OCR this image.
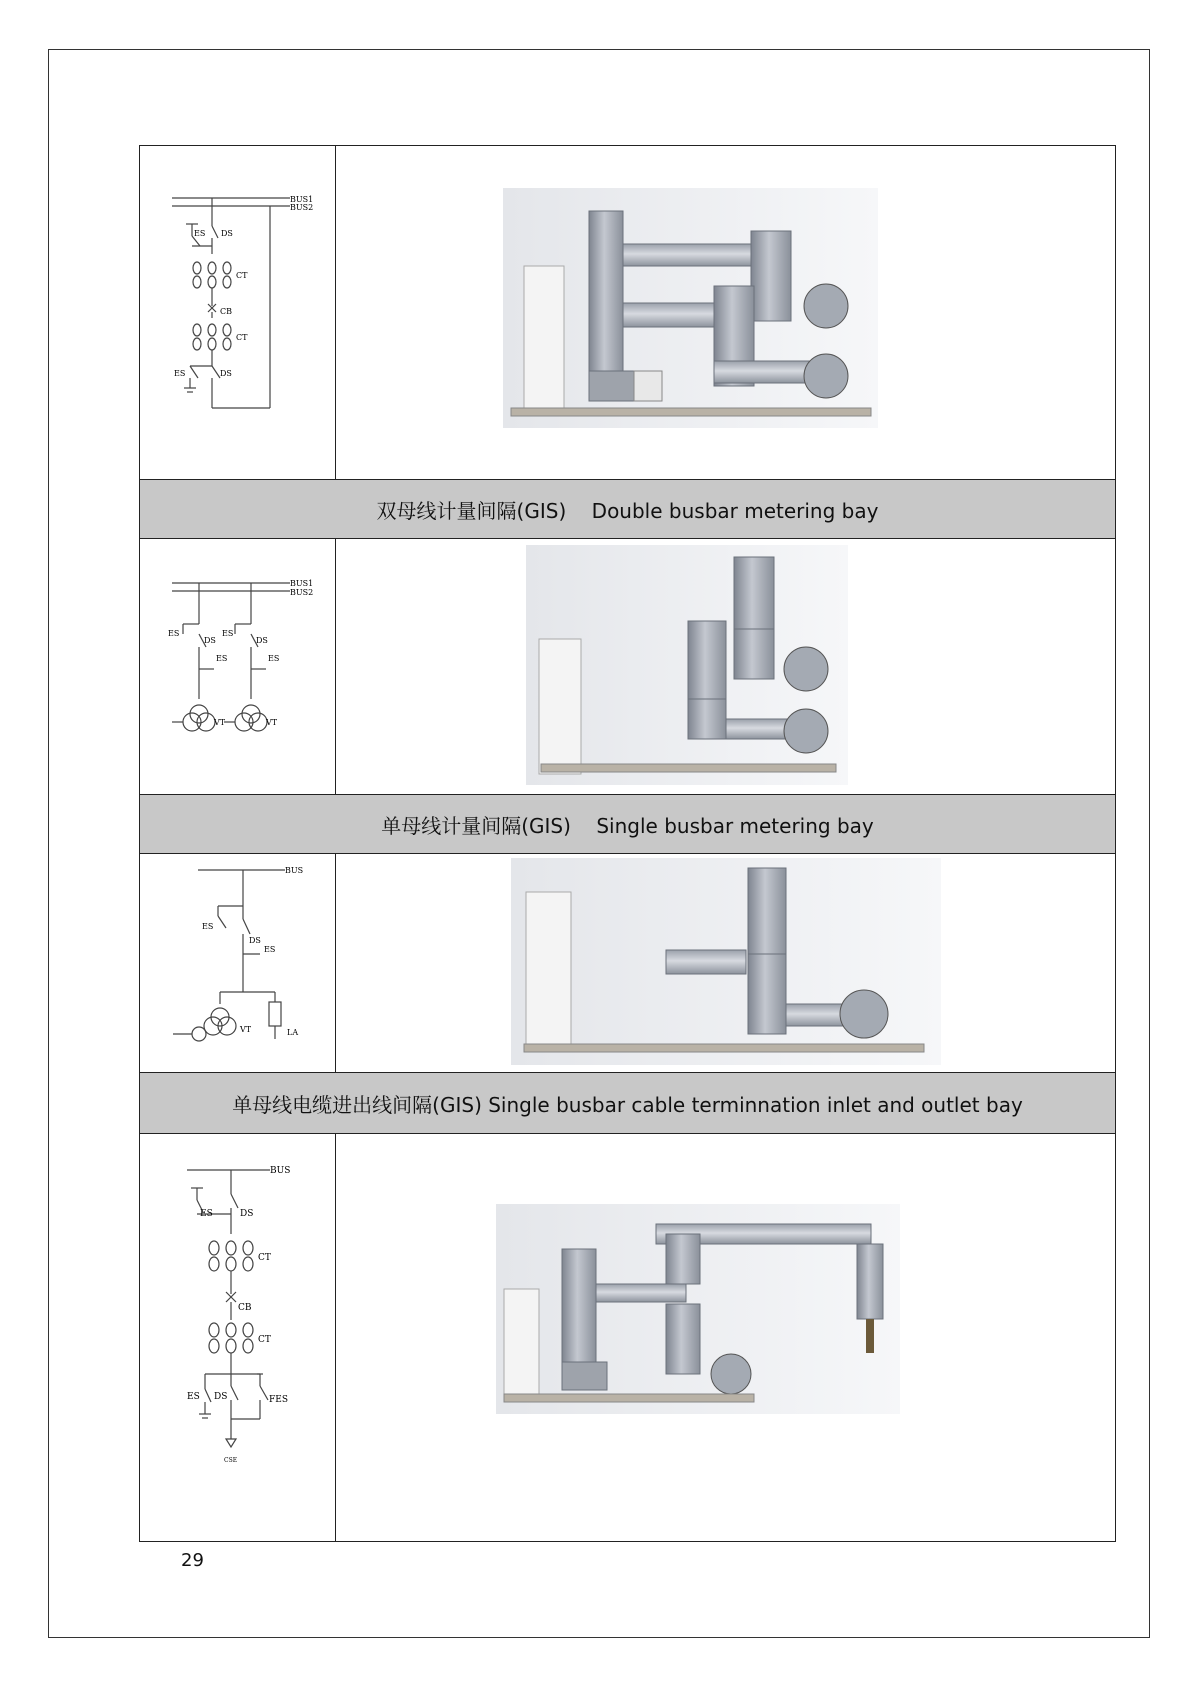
BUS1
BUS2
ES DS
CT
CB
CT
ES	DS
双母线计量间隔(GIS)    Double busbar metering bay
BUS1
BUS2
ES
DS
ES
ES
DS
ES
VT	VT
单母线计量间隔(GIS)    Single busbar metering bay
BUS
ES
DS
ES
VT	LA
单母线电缆进出线间隔(GIS) Single busbar cable terminnation inlet and outlet bay
BUS
ES	DS
CT
CB
CT
ES DS	FES
CSE
29
